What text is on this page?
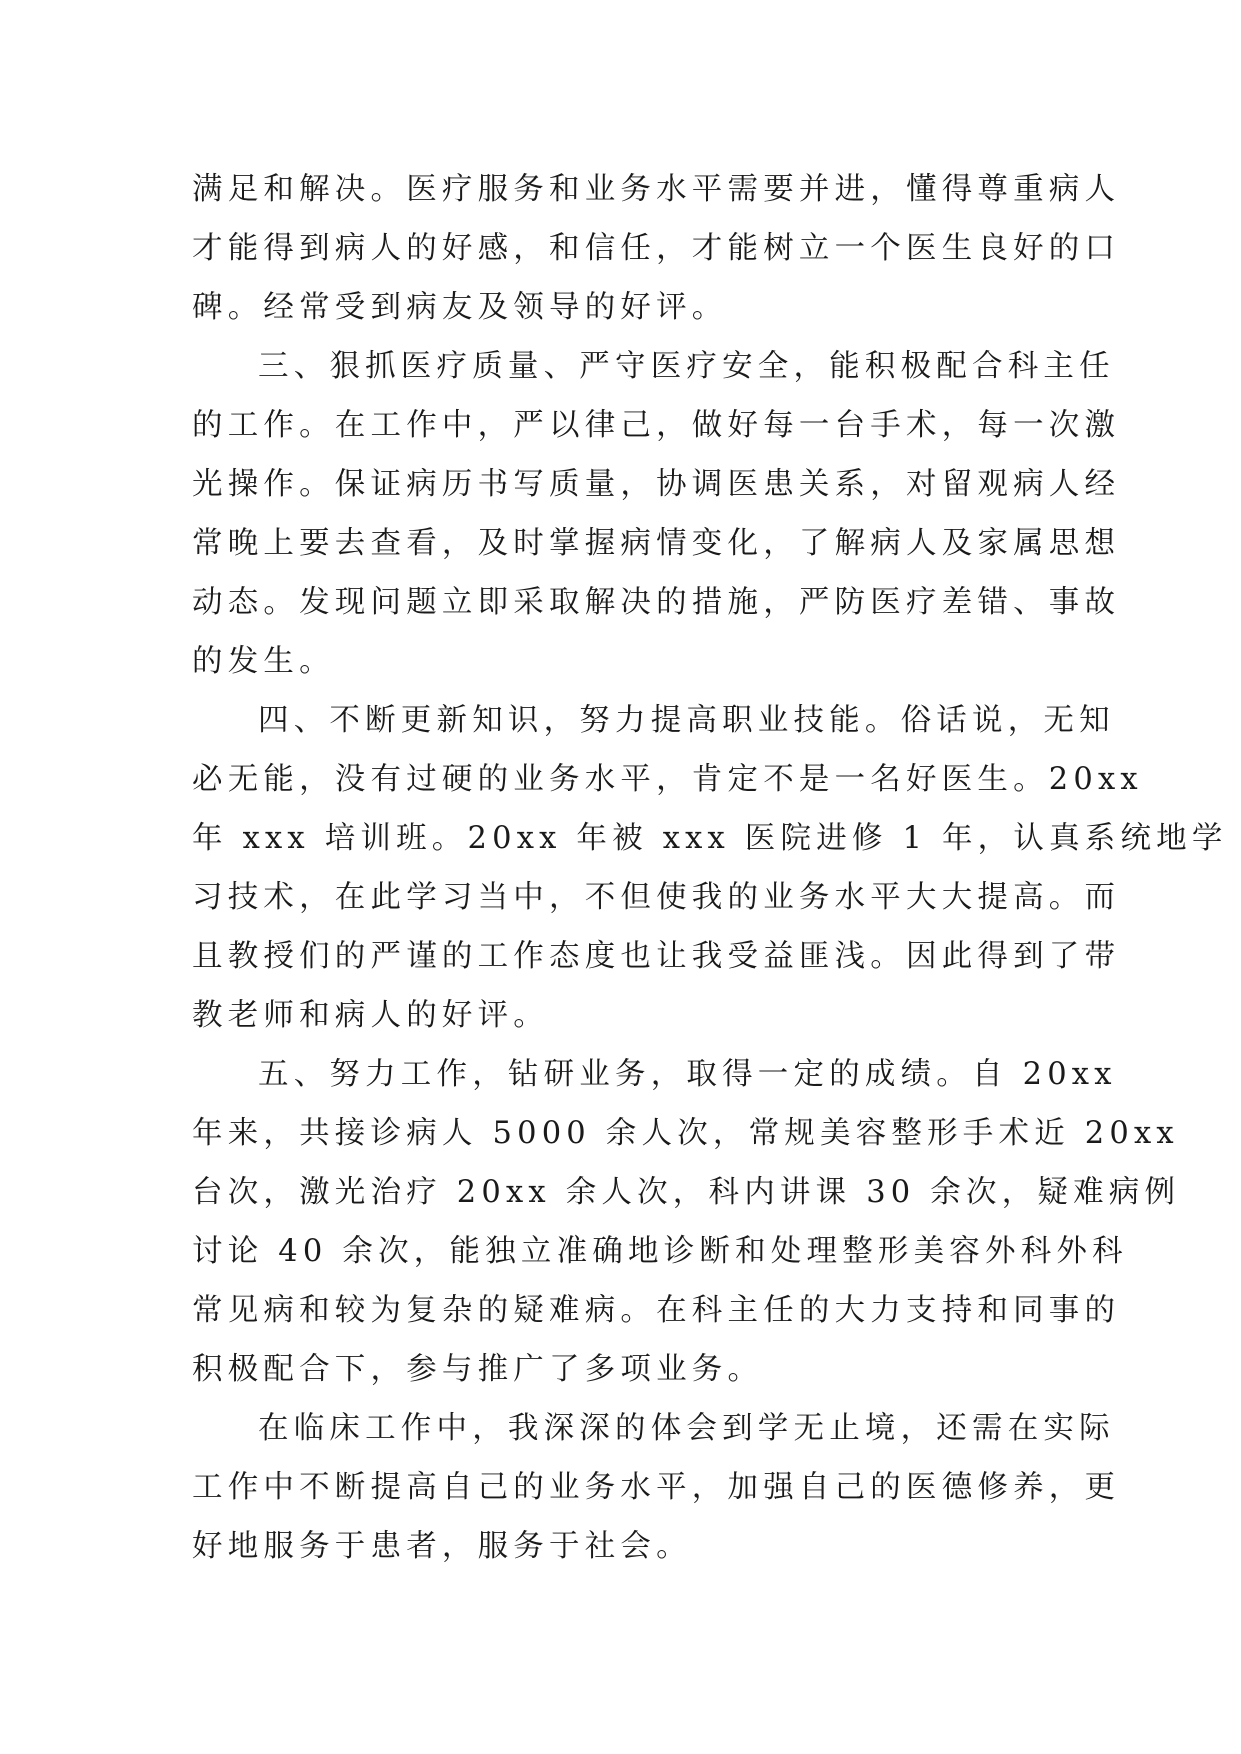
满足和解决。医疗服务和业务水平需要并进，懂得尊重病人
才能得到病人的好感，和信任，才能树立一个医生良好的口
碑。经常受到病友及领导的好评。

三、狠抓医疗质量、严守医疗安全，能积极配合科主任
的工作。在工作中，严以律己，做好每一台手术，每一次激
光操作。保证病历书写质量，协调医患关系，对留观病人经
常晚上要去查看，及时掌握病情变化，了解病人及家属思想
动态。发现问题立即采取解决的措施，严防医疗差错、事故
的发生。

四、不断更新知识，努力提高职业技能。俗话说，无知
必无能，没有过硬的业务水平，肯定不是一名好医生。20xx
年 xxx 培训班。20xx 年被 xxx 医院进修 1 年，认真系统地学
习技术，在此学习当中，不但使我的业务水平大大提高。而
且教授们的严谨的工作态度也让我受益匪浅。因此得到了带
教老师和病人的好评。

五、努力工作，钻研业务，取得一定的成绩。自 20xx
年来，共接诊病人 5000 余人次，常规美容整形手术近 20xx
台次，激光治疗 20xx 余人次，科内讲课 30 余次，疑难病例
讨论 40 余次，能独立准确地诊断和处理整形美容外科外科
常见病和较为复杂的疑难病。在科主任的大力支持和同事的
积极配合下，参与推广了多项业务。

在临床工作中，我深深的体会到学无止境，还需在实际
工作中不断提高自己的业务水平，加强自己的医德修养，更
好地服务于患者，服务于社会。
